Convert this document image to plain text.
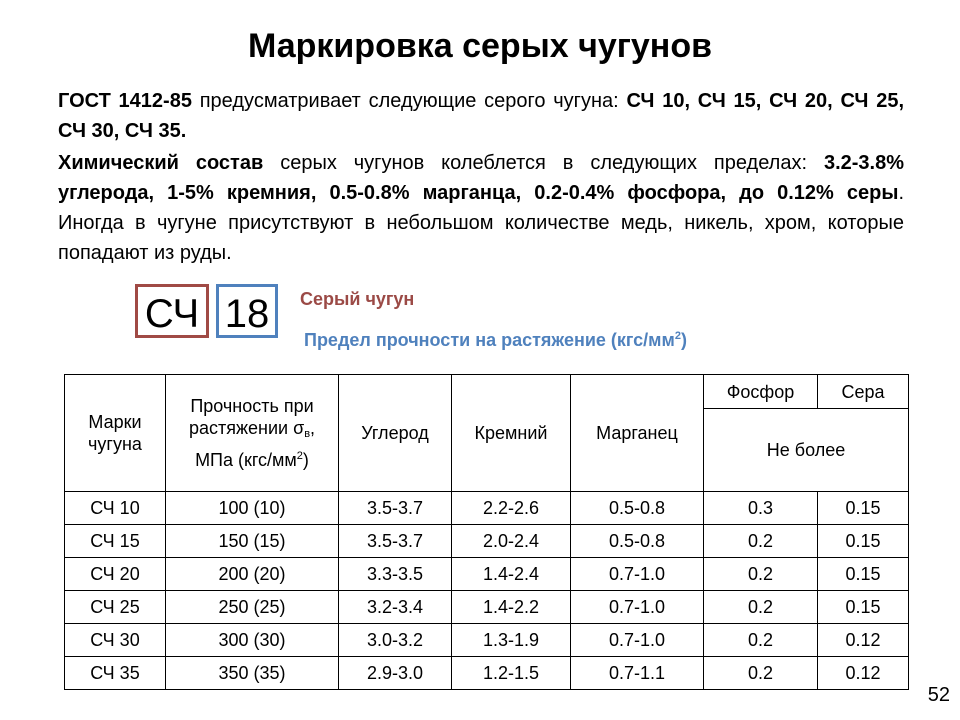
Маркировка серых чугунов

ГОСТ 1412-85 предусматривает следующие серого чугуна: СЧ 10, СЧ 15, СЧ 20, СЧ 25, СЧ 30, СЧ 35.

Химический состав серых чугунов колеблется в следующих пределах: 3.2-3.8% углерода, 1-5% кремния, 0.5-0.8% марганца, 0.2-0.4% фосфора, до 0.12% серы. Иногда в чугуне присутствуют в небольшом количестве медь, никель, хром, которые попадают из руды.

СЧ 18	Серый чугун
Предел прочности на растяжение $(кгс/мм^2)$
Марки чугуна	Прочность при
растяжении $\sigma_в$,
МПа $(кгс/мм^2)$	Углерод	Кремний	Марганец	Фосфор	Сера
					Не более	
СЧ 10	100 (10)	3.5-3.7	2.2-2.6	0.5-0.8	0.3	0.15
СЧ 15	150 (15)	3.5-3.7	2.0-2.4	0.5-0.8	0.2	0.15
СЧ 20	200 (20)	3.3-3.5	1.4-2.4	0.7-1.0	0.2	0.15
СЧ 25	250 (25)	3.2-3.4	1.4-2.2	0.7-1.0	0.2	0.15
СЧ 30	300 (30)	3.0-3.2	1.3-1.9	0.7-1.0	0.2	0.12
СЧ 35	350 (35)	2.9-3.0	1.2-1.5	0.7-1.1	0.2	0.12
52
